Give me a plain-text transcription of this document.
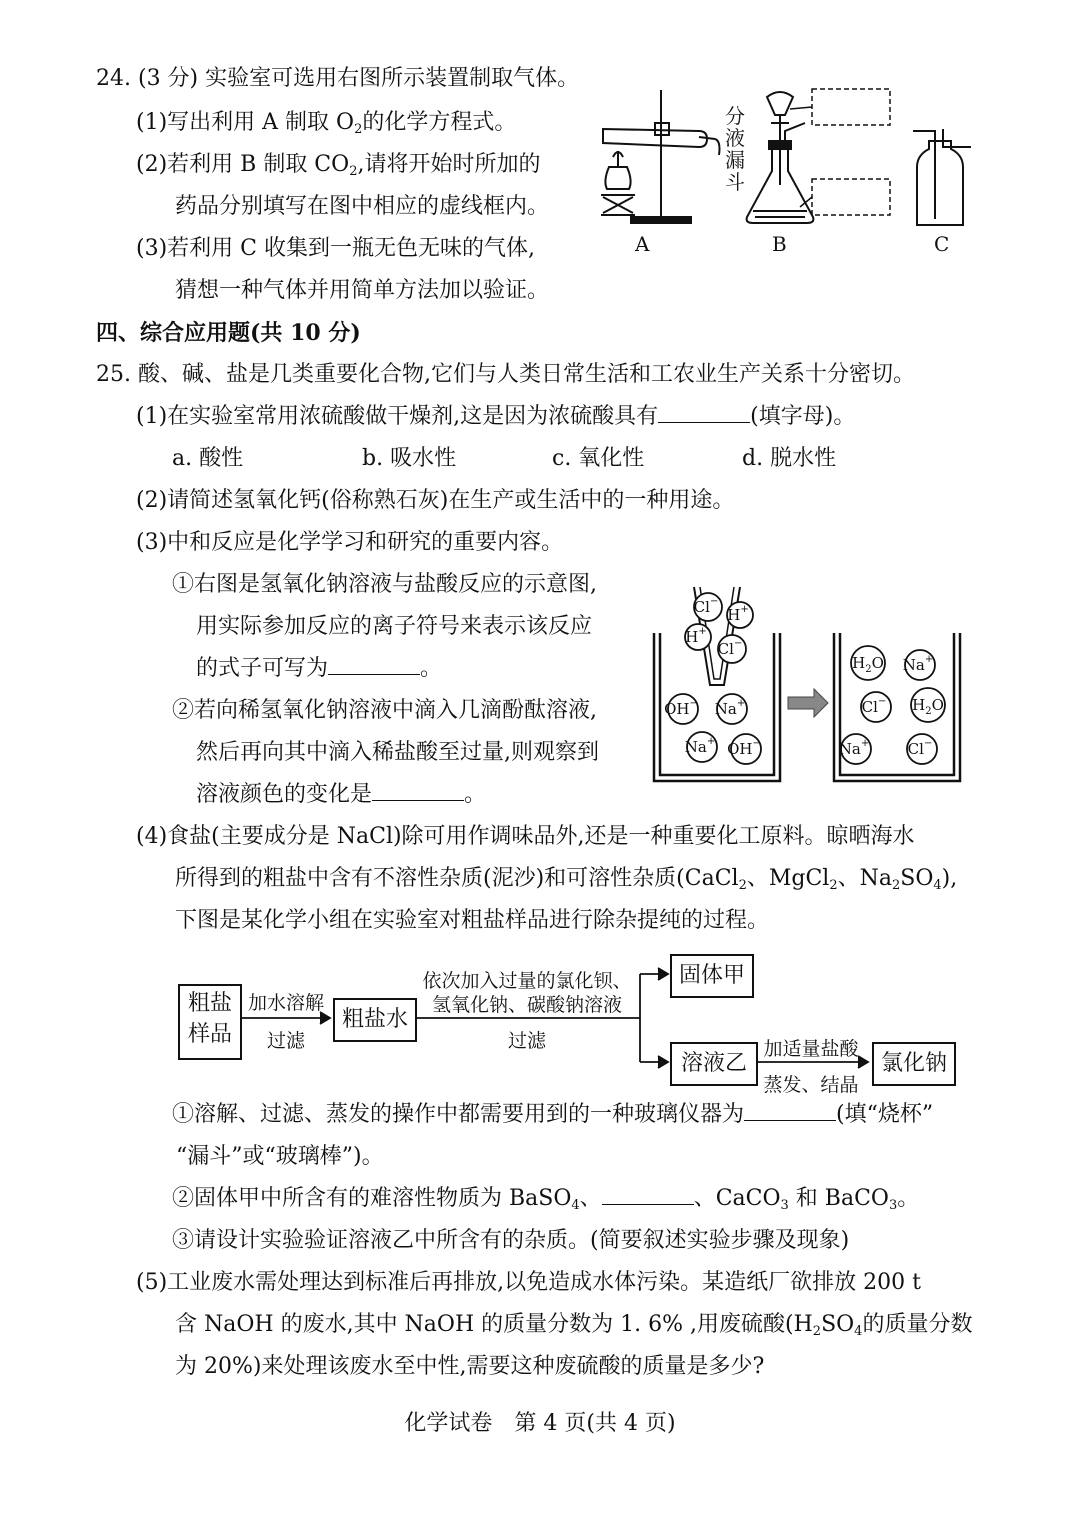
24. (3 分) 实验室可选用右图所示装置制取气体。
(1)写出利用 A 制取 $O_2$的化学方程式。
(2)若利用 B 制取 $CO_2$,请将开始时所加的
药品分别填写在图中相应的虚线框内。
(3)若利用 C 收集到一瓶无色无味的气体,
猜想一种气体并用简单方法加以验证。
分
液
漏
斗
A	B	C
四、综合应用题(共 10 分)
25. 酸、碱、盐是几类重要化合物,它们与人类日常生活和工农业生产关系十分密切。
(1)在实验室常用浓硫酸做干燥剂,这是因为浓硫酸具有	(填字母)。
a. 酸性	b. 吸水性	c. 氧化性	d. 脱水性
(2)请简述氢氧化钙(俗称熟石灰)在生产或生活中的一种用途。
(3)中和反应是化学学习和研究的重要内容。
①右图是氢氧化钠溶液与盐酸反应的示意图,
用实际参加反应的离子符号来表示该反应
的式子可写为	。
②若向稀氢氧化钠溶液中滴入几滴酚酞溶液,
然后再向其中滴入稀盐酸至过量,则观察到
溶液颜色的变化是	。
Cl−
H+
H+
Cl−
OH− Na+
Na+ OH−
$H_2O$ Na+
Cl− $H_2O$
Na+	Cl−
(4)食盐(主要成分是 NaCl)除可用作调味品外,还是一种重要化工原料。晾晒海水
所得到的粗盐中含有不溶性杂质(泥沙)和可溶性杂质(CaCl$_2$、MgCl$_2$、$Na_2SO_4$),
下图是某化学小组在实验室对粗盐样品进行除杂提纯的过程。
粗盐
样品
加水溶解
过滤
粗盐水
依次加入过量的氯化钡、
氢氧化钠、碳酸钠溶液
过滤
固体甲
溶液乙
加适量盐酸
蒸发、结晶
氯化钠
①溶解、过滤、蒸发的操作中都需要用到的一种玻璃仪器为	(填“烧杯”
“漏斗”或“玻璃棒”)。
②固体甲中所含有的难溶性物质为 BaSO$_4$、	、CaCO$_3$ 和 BaCO$_3$。
③请设计实验验证溶液乙中所含有的杂质。(简要叙述实验步骤及现象)
(5)工业废水需处理达到标准后再排放,以免造成水体污染。某造纸厂欲排放 200 t
含 NaOH 的废水,其中 NaOH 的质量分数为 1. 6% ,用废硫酸($H_2SO_4$的质量分数
为 20%)来处理该废水至中性,需要这种废硫酸的质量是多少?
化学试卷　第 4 页(共 4 页)
